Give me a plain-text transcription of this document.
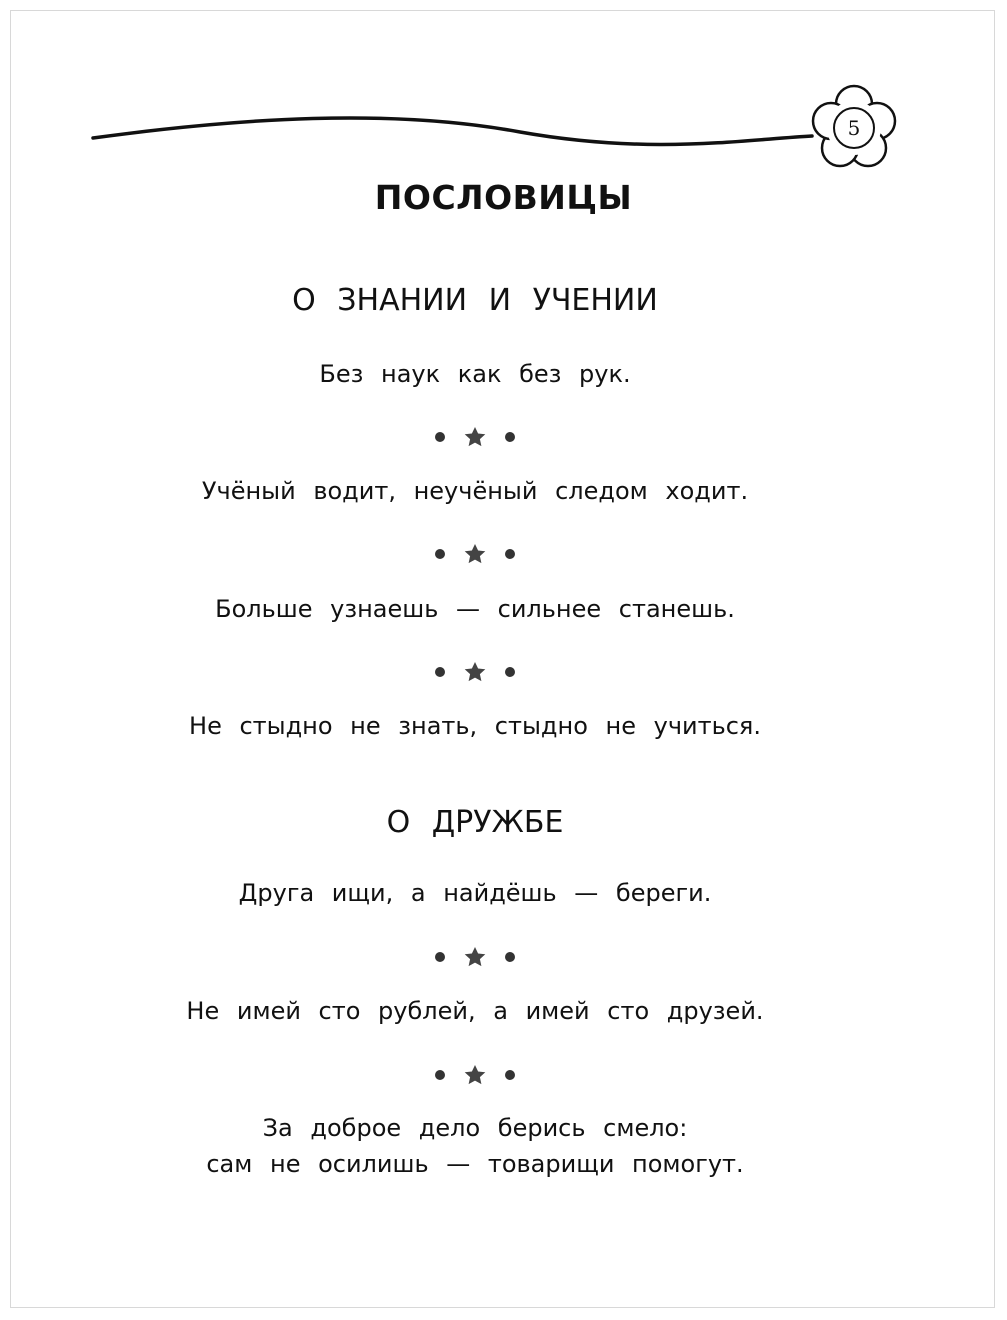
5
ПОСЛОВИЦЫ
О ЗНАНИИ И УЧЕНИИ
Без наук как без рук.
Учёный водит, неучёный следом ходит.
Больше узнаешь — сильнее станешь.
Не стыдно не знать, стыдно не учиться.
О ДРУЖБЕ
Друга ищи, а найдёшь — береги.
Не имей сто рублей, а имей сто друзей.
За доброе дело берись смело:
сам не осилишь — товарищи помогут.
